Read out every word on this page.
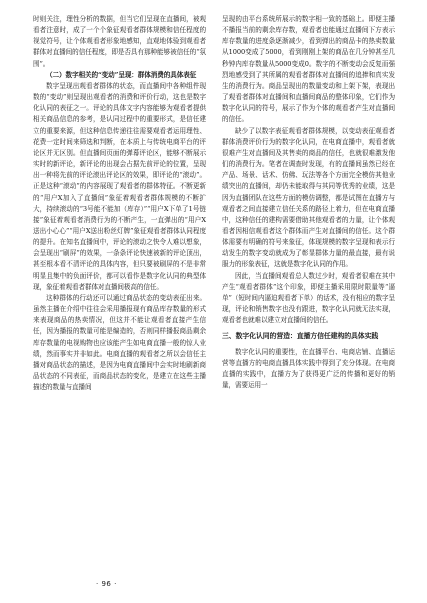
时则关注，理性分析的数据，但当它们呈现在直播间，被观看者注意时，成了一个个象征观看者群体规模和信任程度的视觉符号，让个体观看者形象地感知，直观地体验到观看者群体对直播间的信任程度，即是否具有那种能够被信任的“氛围”。

（二）数字相关的“变动”呈现：群体消费的具体表征

数字呈现出观看者群体的状态，而直播间中各种组件现数的“变动”则呈现出观看者的消费和评价行动，这也是数字化认同的表征之一。评论的具体文字内容能够为观看者提供相关商品信息的参考，是认同过程中的重要形式，是信任建立的重要来源，但这种信息传递往往需要观看者运用理性、花费一定时间来筛选和判断，在本质上与传统电商平台的评论区并无区别。但直播间页面的弹幕评论区，能够不断展示实时的新评论，新评论的出现会占据先前评论的位置，呈现出一种将先前的评论滚出评论区的效果，即评论的“滚动”。正是这种“滚动”的内容展现了观看者的群体特征。不断更新的“用户X加入了直播间”象征着观看者群体规模的不断扩大，持续滚动的“3号能不能加（库存）”“用户X下单了1号链接”象征着观看者消费行为的不断产生，一直弹出的“用户X送出小心心”“用户X送出粉丝灯牌”象征观看者群体认同程度的提升。在知名直播间中，评论的滚动之快令人难以想象，会呈现出“刷屏”的效果，一条条评论快速被新的评论顶出，甚至根本看不清评论的具体内容，但只要被刷屏的不是非常明显且集中的负面评价，都可以看作是数字化认同的典型体现，象征着观看者群体对直播间极高的信任。

这种群体的行动还可以通过商品状态的变动表征出来。虽然主播在介绍中往往会采用播报现有商品库存数量的形式来表现商品的热卖情况，但这并不能让观看者直接产生信任，因为播报的数量可能是编造的，否则同样播报商品剩余库存数量的电视购物也应该能产生如电商直播一般的惊人业绩，然而事实并非如此。电商直播的观看者之所以会信任主播对商品状态的描述，是因为电商直播间中会实时地刷新商品状态的不同表征，而商品状态的变化，是建立在这些主播描述的数量与直播间

呈现的由平台系统所展示的数字相一致的基础上。即便主播不播报当前的剩余库存数，观看者也能通过直播间下方表示库存数量的进度条逐渐减少，看到弹出的商品卡的热卖数量从1000变成了5000，看到刚刚上架的商品在几分钟甚至几秒钟内库存数量从5000变成0。数字的不断变动会反复而强烈地感受到了其所属的观看者群体对直播间的追捧和真实发生的消费行为。商品呈现出的数量变动和上架下架，表现出了观看者群体对直播间和直播间商品的整体印象，它们作为数字化认同的符号，展示了作为个体的观看者产生对直播间的信任。

缺少了以数字表征观看者群体规模，以变动表征观看者群体消费评价行为的数字化认同，在电商直播中，观看者就很难产生对直播间及其售卖的商品的信任，也就很难激发他们的消费行为。笔者在调查时发现，有的直播间虽然已经在产品、场景、话术、仿佛、玩法等各个方面完全模仿其他业绩突出的直播间，却仍未能取得与其同等优秀的业绩，这是因为直播团队在这些方面的模仿调整，都是试图在直播方与观看者之间直接建立信任关系的路径上着力，但在电商直播中，这种信任的建构需要借助其他观看者的力量，让个体观看者因相信观看者这个群体而产生对直播间的信任。这个群体需要有明确的符号来象征，体现规模的数字呈现和表示行动发生的数字变动就成为了彰显群体力量的最直接，最有说服力的形象表征，这就是数字化认同的作用。

因此，当直播间观看总人数过少时，观看者很难在其中产生“观看者群体”这个印象，即便主播采用限时限量等“逼单”（短时间内逼迫观看者下单）的话术，没有相应的数字呈现，评论和销售数字也没有跟进，数字化认同就无法实现，观看者也就难以建立对直播间的信任。

三、数字化认同的营造：直播方信任建构的具体实践

数字化认同的重要性，在直播平台、电商店铺、直播运营等直播方的电商直播具体实践中得到了充分体现。在电商直播的实践中，直播方为了获得更广泛的传播和更好的销量，需要运用一

· 96 ·
